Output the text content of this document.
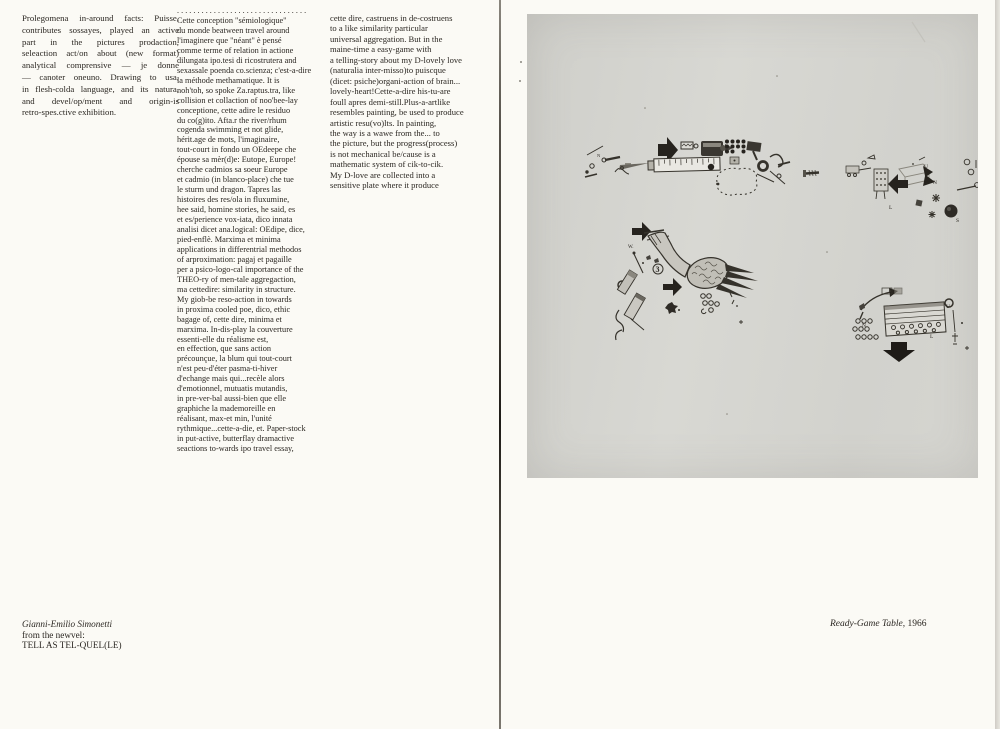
Prolegomena in-around facts: Puisse,
contributes sossayes, played an active
part in the pictures prodaction,
seleaction act/on about (new format)
analytical comprensive — je donne
— canoter oneuno. Drawing to usa,
in flesh-colda language, and its natura,
and devel/op/ment and origin-is
retro-spes.ctive exhibition.
................................
Cette conception "sémiologique"
du monde beatween travel around
l'imaginere que "néant" è pensé
comme terme of relation in actione
dilungata ipo.tesi di ricostrutera and
sexassale poenda co.scienza; c'est-a-dire
la méthode methamatique. It is
noh'toh, so spoke Za.raptus.tra, like
collision et collaction of noo'bee-lay
conceptione, cette adire le residuo
du co(g)ito. Afta.r the river/rhum
cogenda swimming et not glide,
hérit.age de mots, l'imaginaire,
tout-court in fondo un OEdeepe che
épouse sa mèr(d)e: Eutope, Europe!
cherche cadmios sa soeur Europe
et cadmio (in blanco-place) che tue
le sturm und dragon. Tapres las
histoires des res/ola in fluxumine,
hee said, homine stories, he said, es
et es/perience vox-iata, dico innata
analisi dicet ana.logical: OEdipe, dice,
pied-enflè. Marxima et minima
applications in differentrial methodos
of arproximation: pagaj et pagaille
per a psico-logo-cal importance of the
THEO-ry of men-tale aggregaction,
ma cettedire: similarity in structure.
My giob-be reso-action in towards
in proxima cooled poe, dico, ethic
bagage of, cette dire, minima et
marxima. In-dis-play la couverture
essenti-elle du réalisme est,
en effection, que sans action
précounçue, la blum qui tout-court
n'est peu-d'éter pasma-ti-hiver
d'echange mais qui...recèle alors
d'emotionnel, mutuatis mutandis,
in pre-ver-bal aussi-bien que elle
graphiche la mademoreille en
réalisant, max-et min, l'unité
rythmique...cette-a-die, et. Paper-stock
in put-active, butterflay dramactive
seactions to-wards ipo travel essay,
cette dire, castruens in de-costruens
to a like similarity particular
universal aggregation. But in the
maine-time a easy-game with
a telling-story about my D-lovely love
(naturalia inter-misso)to puiscque
(dicet: psiche)organi-action of brain...
lovely-heart!Cette-a-dire his-tu-are
foull apres demi-still.Plus-a-artlike
resembles painting, be used to produce
artistic resu(vo)lts. In painting,
the way is a wawe from the... to
the picture, but the progress(process)
is not mechanical be/cause is a
mathematic system of cik-to-cik.
My D-love are collected into a
sensitive plate where it produce
Gianni-Emilio Simonetti
from the newvel:
TELL AS TEL-QUEL(LE)
N
U
N
L
S
W.
3
N
U
L
Ready-Game Table, 1966
